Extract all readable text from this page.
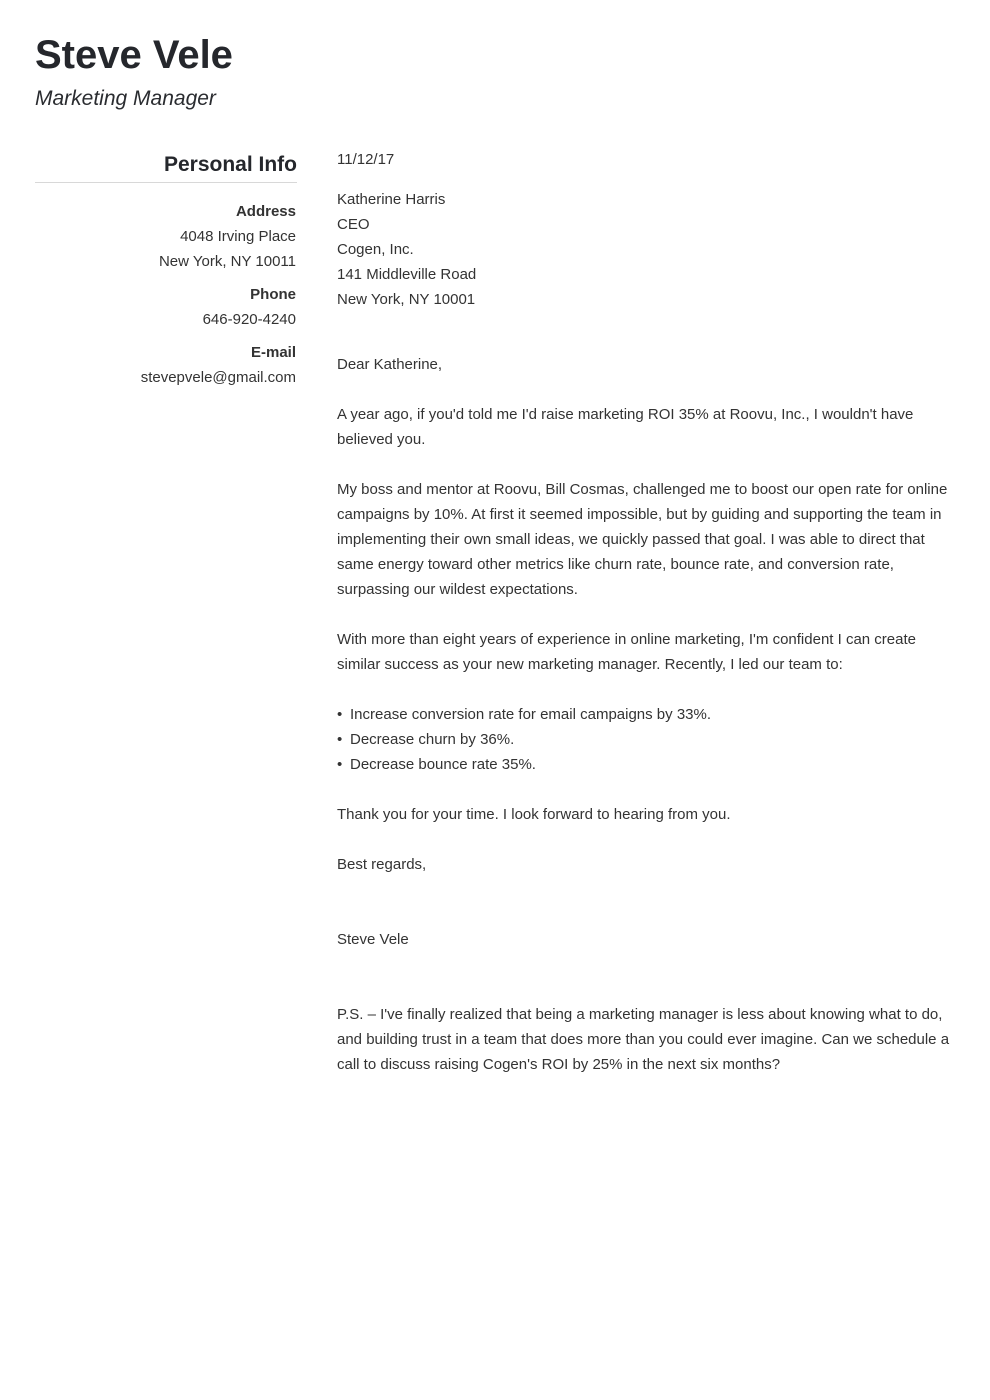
Steve Vele
Marketing Manager
Personal Info
Address
4048 Irving Place
New York, NY 10011
Phone
646-920-4240
E-mail
stevepvele@gmail.com
11/12/17
Katherine Harris
CEO
Cogen, Inc.
141 Middleville Road
New York, NY 10001
Dear Katherine,
A year ago, if you'd told me I'd raise marketing ROI 35% at Roovu, Inc., I wouldn't have believed you.
My boss and mentor at Roovu, Bill Cosmas, challenged me to boost our open rate for online campaigns by 10%. At first it seemed impossible, but by guiding and supporting the team in implementing their own small ideas, we quickly passed that goal. I was able to direct that same energy toward other metrics like churn rate, bounce rate, and conversion rate, surpassing our wildest expectations.
With more than eight years of experience in online marketing, I'm confident I can create similar success as your new marketing manager. Recently, I led our team to:
• Increase conversion rate for email campaigns by 33%.
• Decrease churn by 36%.
• Decrease bounce rate 35%.
Thank you for your time. I look forward to hearing from you.
Best regards,
Steve Vele
P.S. – I've finally realized that being a marketing manager is less about knowing what to do, and building trust in a team that does more than you could ever imagine. Can we schedule a call to discuss raising Cogen's ROI by 25% in the next six months?
